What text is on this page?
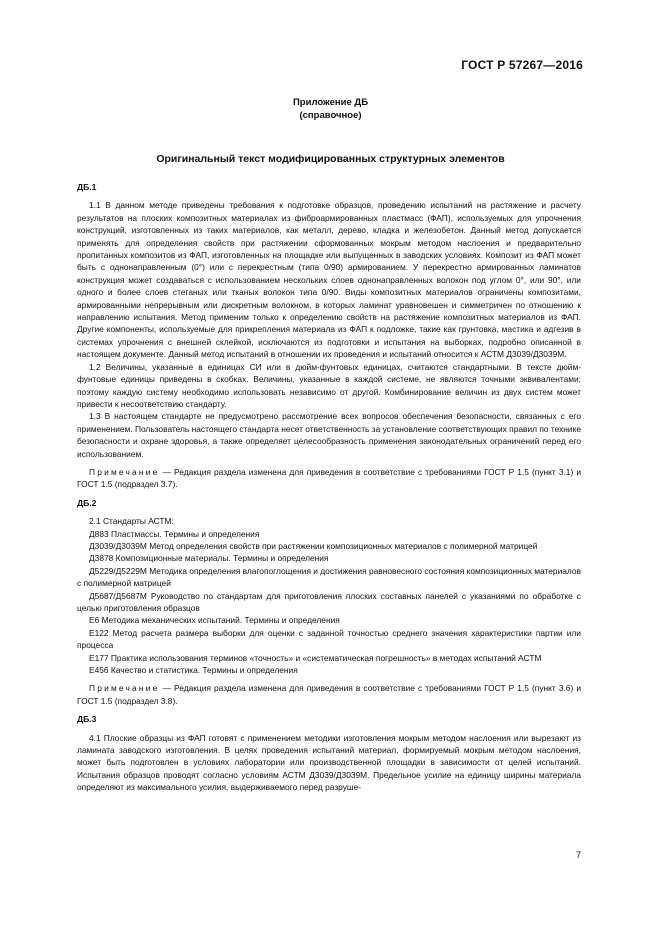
ГОСТ Р 57267—2016
Приложение ДБ
(справочное)
Оригинальный текст модифицированных структурных элементов
ДБ.1

1.1 В данном методе приведены требования к подготовке образцов, проведению испытаний на растяжение и расчету результатов на плоских композитных материалах из фиброармированных пластмасс (ФАП), используемых для упрочнения конструкций, изготовленных из таких материалов, как металл, дерево, кладка и железобетон. Данный метод допускается применять для определения свойств при растяжении сформованных мокрым методом наслоения и предварительно пропитанных композитов из ФАП, изготовленных на площадке или выпущенных в заводских условиях. Композит из ФАП может быть с однонаправленным (0°) или с перекрестным (типа 0/90) армированием. У перекрестно армированных ламинатов конструкция может создаваться с использованием нескольких слоев однонаправленных волокон под углом 0°, или 90°, или одного и более слоев стеганых или тканых волокон типа 0/90. Виды композитных материалов ограничены композитами, армированными непрерывным или дискретным волокном, в которых ламинат уравновешен и симметричен по отношению к направлению испытания. Метод применим только к определению свойств на растяжение композитных материалов из ФАП. Другие компоненты, используемые для прикрепления материала из ФАП к подложке, такие как грунтовка, мастика и адгезив в системах упрочнения с внешней склейкой, исключаются из подготовки и испытания на выборках, подробно описанной в настоящем документе. Данный метод испытаний в отношении их проведения и испытаний относится к АСТМ Д3039/Д3039М.

1.2 Величины, указанные в единицах СИ или в дюйм-фунтовых единицах, считаются стандартными. В тексте дюйм-фунтовые единицы приведены в скобках. Величины, указанные в каждой системе, не являются точными эквивалентами; поэтому каждую систему необходимо использовать независимо от другой. Комбинирование величин из двух систем может привести к несоответствию стандарту.

1.3 В настоящем стандарте не предусмотрено рассмотрение всех вопросов обеспечения безопасности, связанных с его применением. Пользователь настоящего стандарта несет ответственность за установление соответствующих правил по технике безопасности и охране здоровья, а также определяет целесообразность применения законодательных ограничений перед его использованием.

Примечание — Редакция раздела изменена для приведения в соответствие с требованиями ГОСТ Р 1.5 (пункт 3.1) и ГОСТ 1.5 (подраздел 3.7).

ДБ.2

2.1 Стандарты АСТМ:

Д883 Пластмассы. Термины и определения

Д3039/Д3039М Метод определения свойств при растяжении композиционных материалов с полимерной матрицей

Д3878 Композиционные материалы. Термины и определения

Д5229/Д5229М Методика определения влагопоглощения и достижения равновесного состояния композиционных материалов с полимерной матрицей

Д5687/Д5687М Руководство по стандартам для приготовления плоских составных панелей с указаниями по обработке с целью приготовления образцов

Е6 Методика механических испытаний. Термины и определения

Е122 Метод расчета размера выборки для оценки с заданной точностью среднего значения характеристики партии или процесса

Е177 Практика использования терминов «точность» и «систематическая погрешность» в методах испытаний АСТМ

Е456 Качество и статистика. Термины и определения

Примечание — Редакция раздела изменена для приведения в соответствие с требованиями ГОСТ Р 1.5 (пункт 3.6) и ГОСТ 1.5 (подраздел 3.8).

ДБ.3

4.1 Плоские образцы из ФАП готовят с применением методики изготовления мокрым методом наслоения или вырезают из ламината заводского изготовления. В целях проведения испытаний материал, формируемый мокрым методом наслоения, может быть подготовлен в условиях лаборатории или производственной площадки в зависимости от целей испытаний. Испытания образцов проводят согласно условиям АСТМ Д3039/Д3039М. Предельное усилие на единицу ширины материала определяют из максимального усилия, выдерживаемого перед разруше-

7
